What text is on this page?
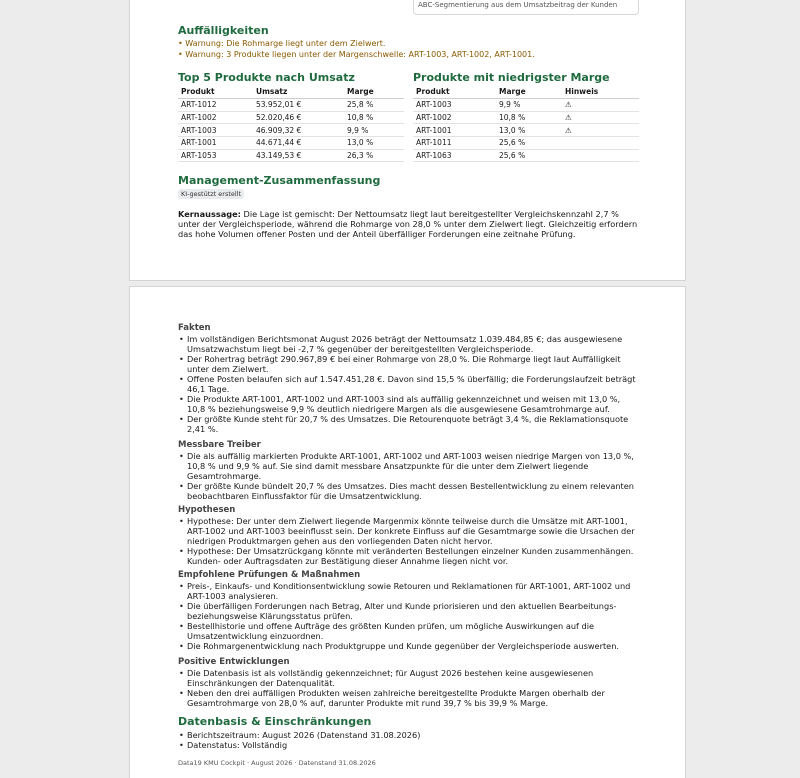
ABC-Segmentierung aus dem Umsatzbeitrag der Kunden
Auffälligkeiten
• Warnung: Die Rohmarge liegt unter dem Zielwert.
• Warnung: 3 Produkte liegen unter der Margenschwelle: ART-1003, ART-1002, ART-1001.
Top 5 Produkte nach Umsatz
Produkt	Umsatz	Marge
ART-1012	53.952,01 €	25,8 %
ART-1002	52.020,46 €	10,8 %
ART-1003	46.909,32 €	9,9 %
ART-1001	44.671,44 €	13,0 %
ART-1053	43.149,53 €	26,3 %
Produkte mit niedrigster Marge
Produkt	Marge	Hinweis
ART-1003	9,9 %	⚠
ART-1002	10,8 %	⚠
ART-1001	13,0 %	⚠
ART-1011	25,6 %	
ART-1063	25,6 %	
Management-Zusammenfassung
KI-gestützt erstellt
Kernaussage: Die Lage ist gemischt: Der Nettoumsatz liegt laut bereitgestellter Vergleichskennzahl 2,7 % unter der Vergleichsperiode, während die Rohmarge von 28,0 % unter dem Zielwert liegt. Gleichzeitig erfordern das hohe Volumen offener Posten und der Anteil überfälliger Forderungen eine zeitnahe Prüfung.
Fakten
• Im vollständigen Berichtsmonat August 2026 beträgt der Nettoumsatz 1.039.484,85 €; das ausgewiesene Umsatzwachstum liegt bei -2,7 % gegenüber der bereitgestellten Vergleichsperiode.
• Der Rohertrag beträgt 290.967,89 € bei einer Rohmarge von 28,0 %. Die Rohmarge liegt laut Auffälligkeit unter dem Zielwert.
• Offene Posten belaufen sich auf 1.547.451,28 €. Davon sind 15,5 % überfällig; die Forderungslaufzeit beträgt 46,1 Tage.
• Die Produkte ART-1001, ART-1002 und ART-1003 sind als auffällig gekennzeichnet und weisen mit 13,0 %, 10,8 % beziehungsweise 9,9 % deutlich niedrigere Margen als die ausgewiesene Gesamtrohmarge auf.
• Der größte Kunde steht für 20,7 % des Umsatzes. Die Retourenquote beträgt 3,4 %, die Reklamationsquote 2,41 %.
Messbare Treiber
• Die als auffällig markierten Produkte ART-1001, ART-1002 und ART-1003 weisen niedrige Margen von 13,0 %, 10,8 % und 9,9 % auf. Sie sind damit messbare Ansatzpunkte für die unter dem Zielwert liegende Gesamtrohmarge.
• Der größte Kunde bündelt 20,7 % des Umsatzes. Dies macht dessen Bestellentwicklung zu einem relevanten beobachtbaren Einflussfaktor für die Umsatzentwicklung.
Hypothesen
• Hypothese: Der unter dem Zielwert liegende Margenmix könnte teilweise durch die Umsätze mit ART-1001, ART-1002 und ART-1003 beeinflusst sein. Der konkrete Einfluss auf die Gesamtmarge sowie die Ursachen der niedrigen Produktmargen gehen aus den vorliegenden Daten nicht hervor.
• Hypothese: Der Umsatzrückgang könnte mit veränderten Bestellungen einzelner Kunden zusammenhängen. Kunden- oder Auftragsdaten zur Bestätigung dieser Annahme liegen nicht vor.
Empfohlene Prüfungen & Maßnahmen
• Preis-, Einkaufs- und Konditionsentwicklung sowie Retouren und Reklamationen für ART-1001, ART-1002 und ART-1003 analysieren.
• Die überfälligen Forderungen nach Betrag, Alter und Kunde priorisieren und den aktuellen Bearbeitungs- beziehungsweise Klärungsstatus prüfen.
• Bestellhistorie und offene Aufträge des größten Kunden prüfen, um mögliche Auswirkungen auf die Umsatzentwicklung einzuordnen.
• Die Rohmargenentwicklung nach Produktgruppe und Kunde gegenüber der Vergleichsperiode auswerten.
Positive Entwicklungen
• Die Datenbasis ist als vollständig gekennzeichnet; für August 2026 bestehen keine ausgewiesenen Einschränkungen der Datenqualität.
• Neben den drei auffälligen Produkten weisen zahlreiche bereitgestellte Produkte Margen oberhalb der Gesamtrohmarge von 28,0 % auf, darunter Produkte mit rund 39,7 % bis 39,9 % Marge.
Datenbasis & Einschränkungen
• Berichtszeitraum: August 2026 (Datenstand 31.08.2026)
• Datenstatus: Vollständig
Data19 KMU Cockpit · August 2026 · Datenstand 31.08.2026
